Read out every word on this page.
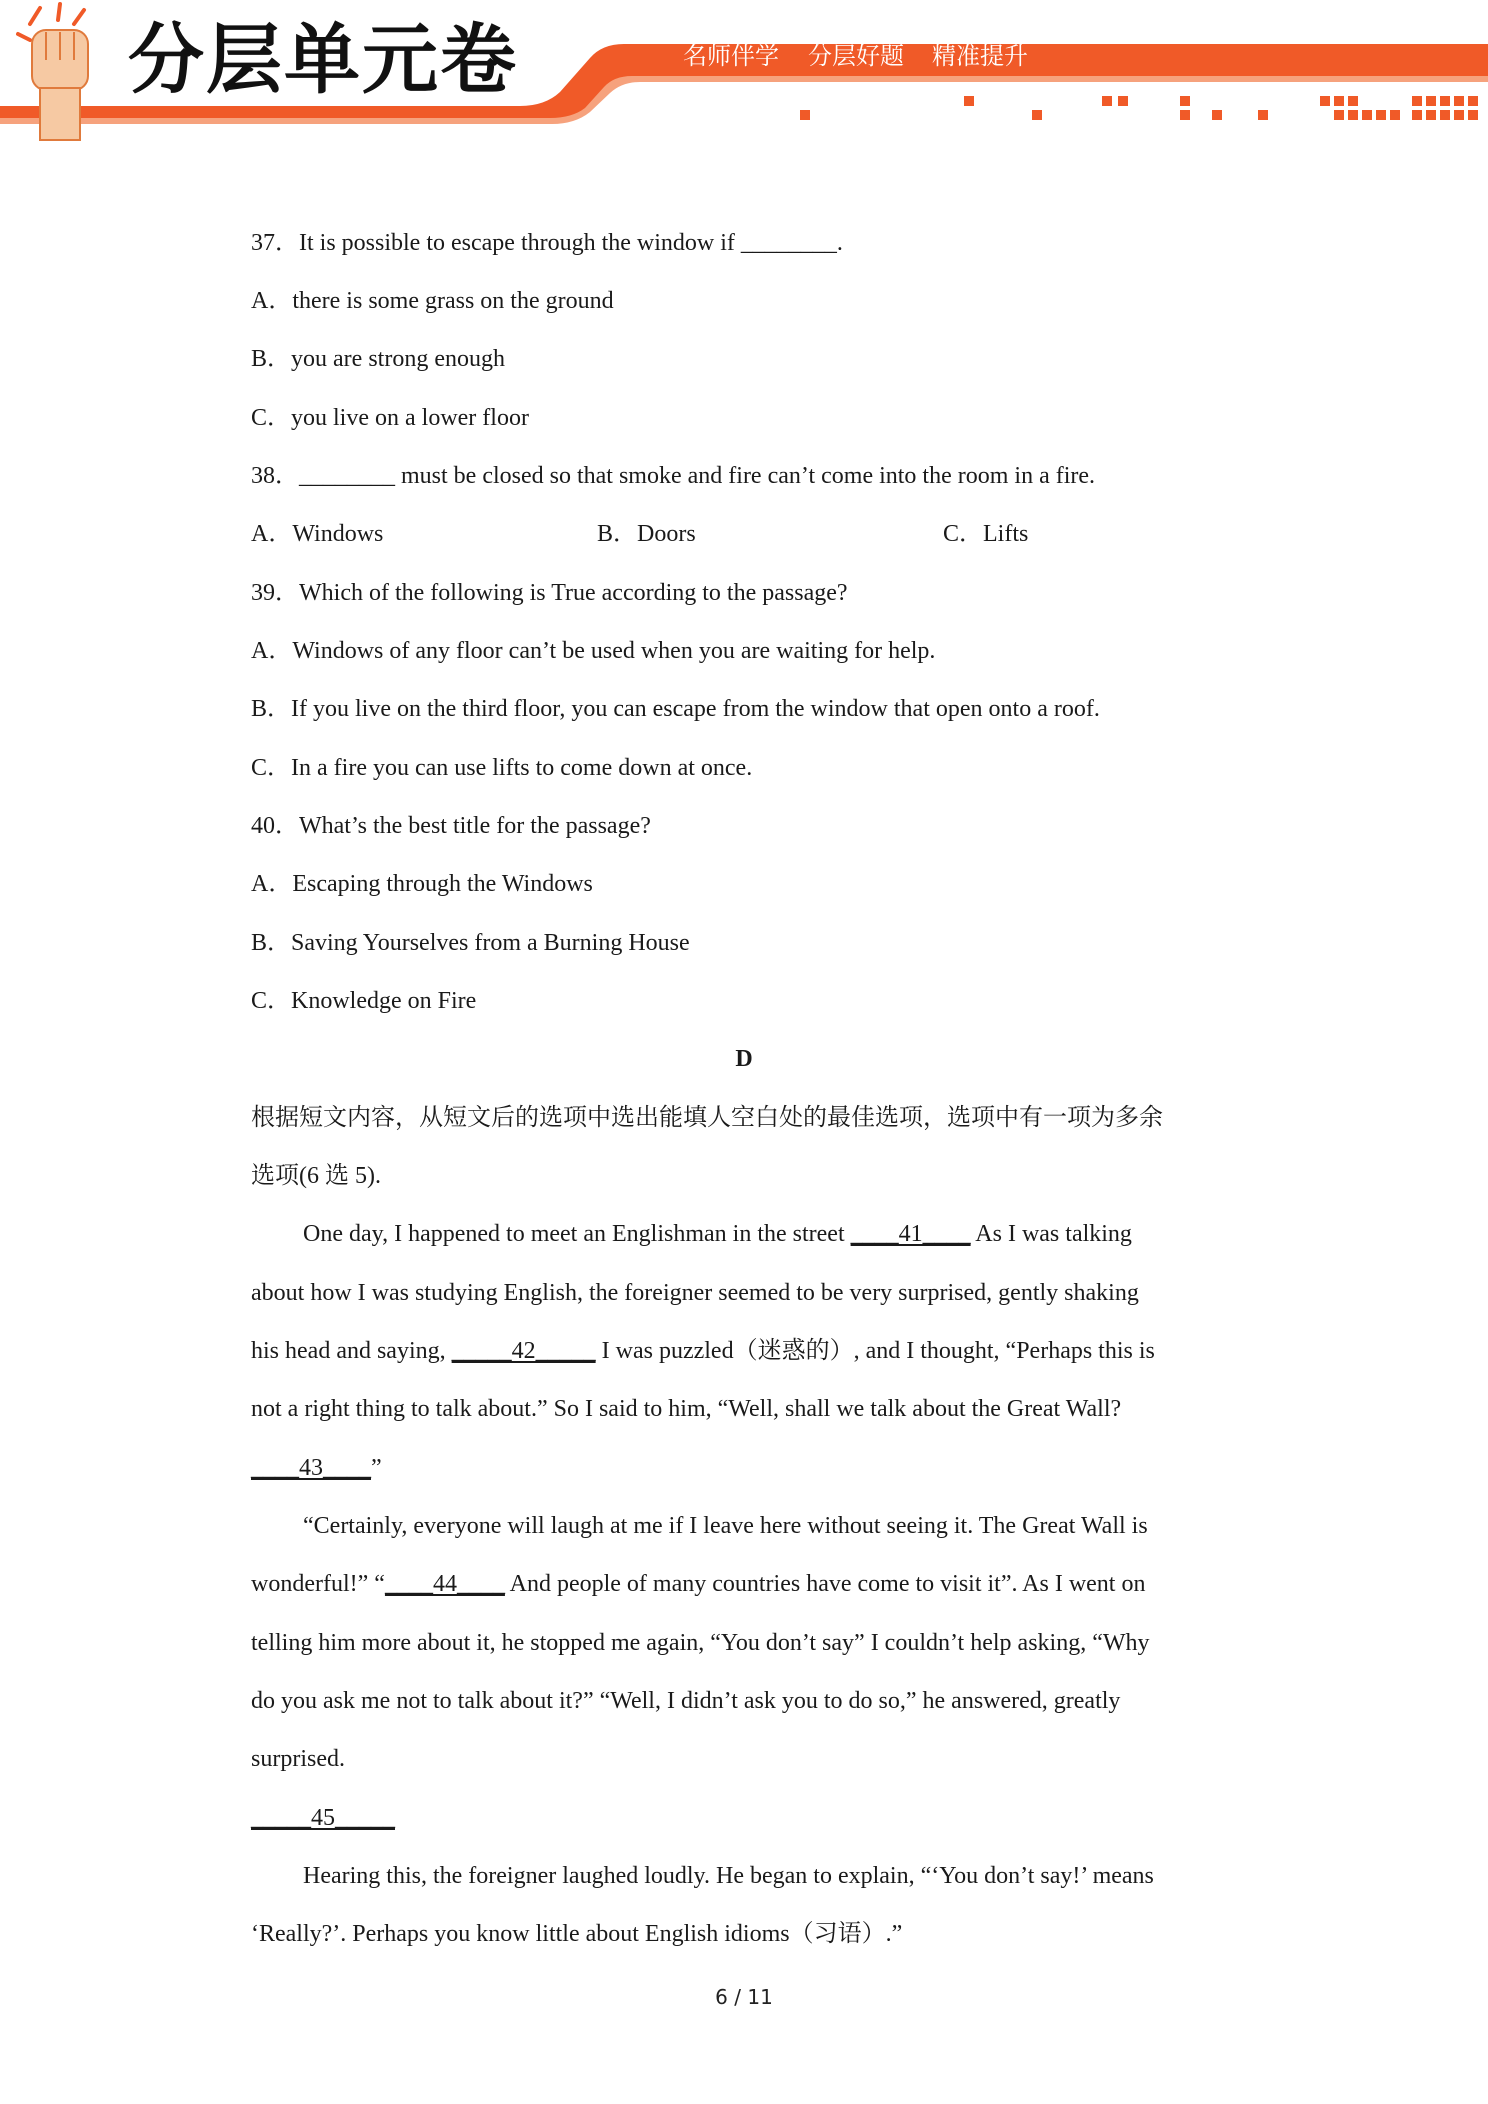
分层单元卷	名师伴学 分层好题 精准提升
37．It is possible to escape through the window if ________.
A．there is some grass on the ground
B．you are strong enough
C．you live on a lower floor
38．________ must be closed so that smoke and fire can’t come into the room in a fire.
A．Windows	B．Doors	C．Lifts
39．Which of the following is True according to the passage?
A．Windows of any floor can’t be used when you are waiting for help.
B．If you live on the third floor, you can escape from the window that open onto a roof.
C．In a fire you can use lifts to come down at once.
40．What’s the best title for the passage?
A．Escaping through the Windows
B．Saving Yourselves from a Burning House
C．Knowledge on Fire
D
根据短文内容，从短文后的选项中选出能填人空白处的最佳选项，选项中有一项为多余
选项(6 选 5).
One day, I happened to meet an Englishman in the street ____41____ As I was talking
about how I was studying English, the foreigner seemed to be very surprised, gently shaking
his head and saying, _____42_____ I was puzzled（迷惑的）, and I thought, “Perhaps this is
not a right thing to talk about.” So I said to him, “Well, shall we talk about the Great Wall?
____43____”
“Certainly, everyone will laugh at me if I leave here without seeing it. The Great Wall is
wonderful!” “____44____ And people of many countries have come to visit it”. As I went on
telling him more about it, he stopped me again, “You don’t say” I couldn’t help asking, “Why
do you ask me not to talk about it?” “Well, I didn’t ask you to do so,” he answered, greatly
surprised.
_____45_____
Hearing this, the foreigner laughed loudly. He began to explain, “‘You don’t say!’ means
‘Really?’. Perhaps you know little about English idioms（习语）.”
6 / 11
